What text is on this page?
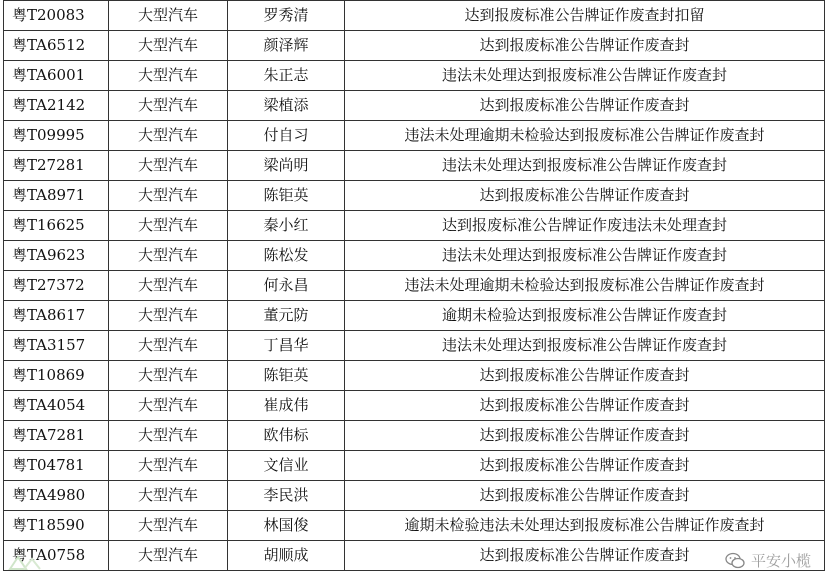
粤T20083	大型汽车	罗秀清	达到报废标准公告牌证作废查封扣留
粤TA6512	大型汽车	颜泽辉	达到报废标准公告牌证作废查封
粤TA6001	大型汽车	朱正志	违法未处理达到报废标准公告牌证作废查封
粤TA2142	大型汽车	梁植添	达到报废标准公告牌证作废查封
粤T09995	大型汽车	付自习	违法未处理逾期未检验达到报废标准公告牌证作废查封
粤T27281	大型汽车	梁尚明	违法未处理达到报废标准公告牌证作废查封
粤TA8971	大型汽车	陈钜英	达到报废标准公告牌证作废查封
粤T16625	大型汽车	秦小红	达到报废标准公告牌证作废违法未处理查封
粤TA9623	大型汽车	陈松发	违法未处理达到报废标准公告牌证作废查封
粤T27372	大型汽车	何永昌	违法未处理逾期未检验达到报废标准公告牌证作废查封
粤TA8617	大型汽车	董元防	逾期未检验达到报废标准公告牌证作废查封
粤TA3157	大型汽车	丁昌华	违法未处理达到报废标准公告牌证作废查封
粤T10869	大型汽车	陈钜英	达到报废标准公告牌证作废查封
粤TA4054	大型汽车	崔成伟	达到报废标准公告牌证作废查封
粤TA7281	大型汽车	欧伟标	达到报废标准公告牌证作废查封
粤T04781	大型汽车	文信业	达到报废标准公告牌证作废查封
粤TA4980	大型汽车	李民洪	达到报废标准公告牌证作废查封
粤T18590	大型汽车	林国俊	逾期未检验违法未处理达到报废标准公告牌证作废查封
粤TA0758	大型汽车	胡顺成	达到报废标准公告牌证作废查封	平安小榄
